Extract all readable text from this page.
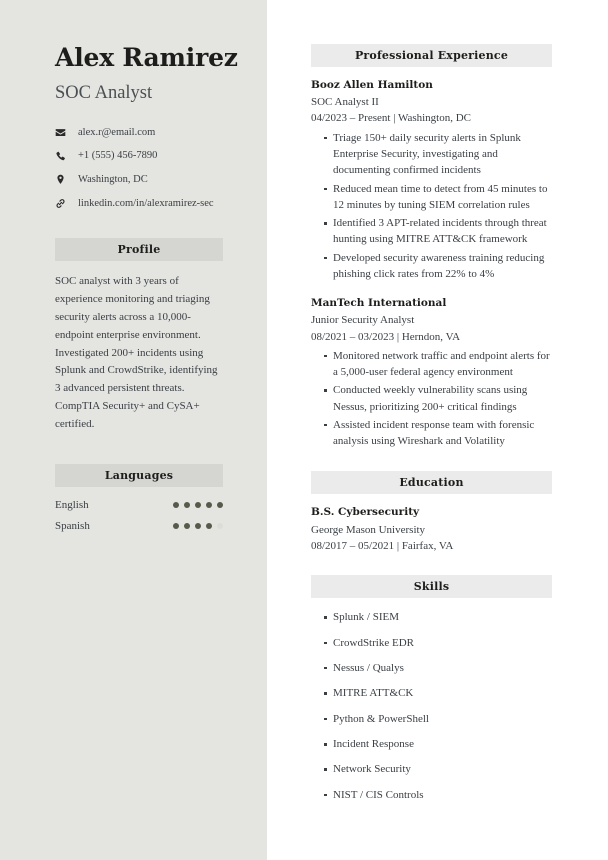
Alex Ramirez
SOC Analyst
alex.r@email.com
+1 (555) 456-7890
Washington, DC
linkedin.com/in/alexramirez-sec
Profile

SOC analyst with 3 years of experience monitoring and triaging security alerts across a 10,000-endpoint enterprise environment. Investigated 200+ incidents using Splunk and CrowdStrike, identifying 3 advanced persistent threats. CompTIA Security+ and CySA+ certified.

Languages
English
Spanish
Professional Experience
Booz Allen Hamilton
SOC Analyst II
04/2023 – Present | Washington, DC
Triage 150+ daily security alerts in Splunk Enterprise Security, investigating and documenting confirmed incidents
Reduced mean time to detect from 45 minutes to 12 minutes by tuning SIEM correlation rules
Identified 3 APT-related incidents through threat hunting using MITRE ATT&CK framework
Developed security awareness training reducing phishing click rates from 22% to 4%
ManTech International
Junior Security Analyst
08/2021 – 03/2023 | Herndon, VA
Monitored network traffic and endpoint alerts for a 5,000-user federal agency environment
Conducted weekly vulnerability scans using Nessus, prioritizing 200+ critical findings
Assisted incident response team with forensic analysis using Wireshark and Volatility
Education
B.S. Cybersecurity
George Mason University
08/2017 – 05/2021 | Fairfax, VA
Skills
Splunk / SIEM
CrowdStrike EDR
Nessus / Qualys
MITRE ATT&CK
Python & PowerShell
Incident Response
Network Security
NIST / CIS Controls
